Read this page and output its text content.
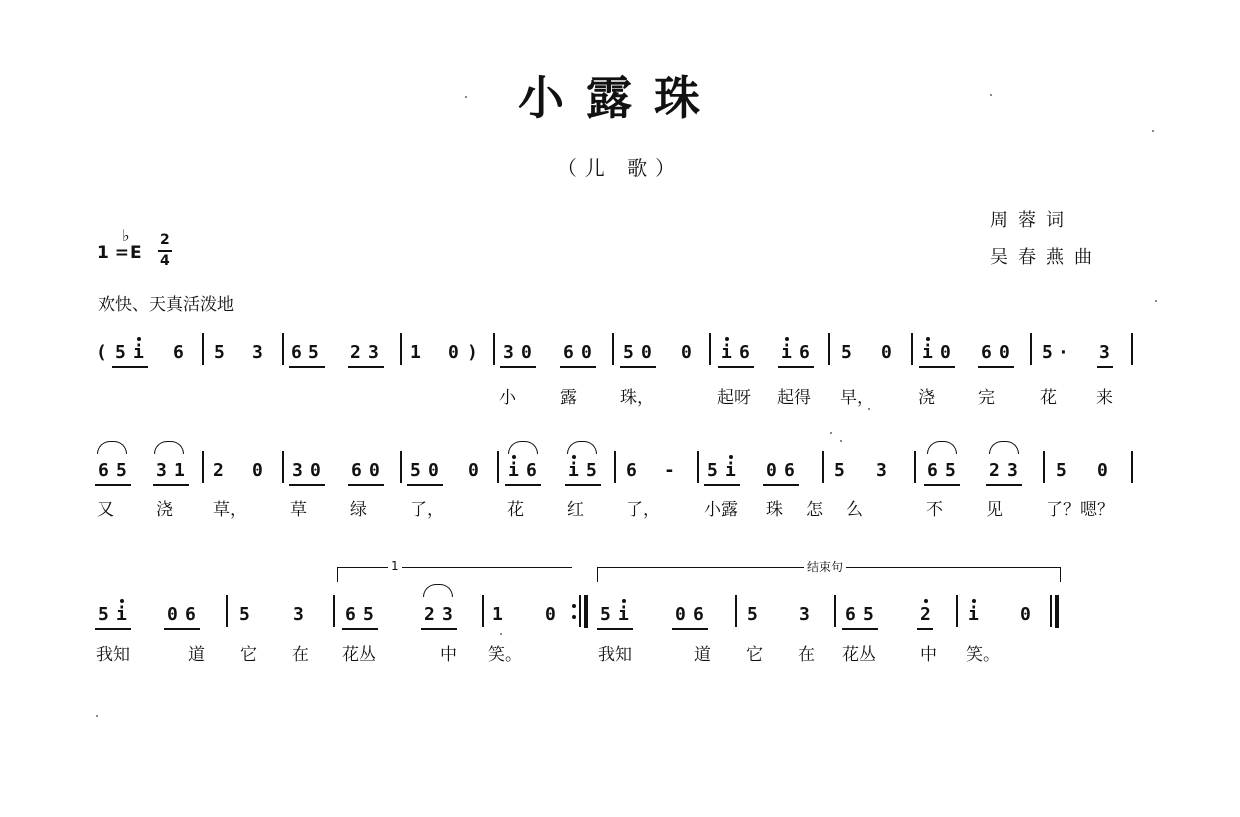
小露珠
（儿 歌）
周蓉词
吴春燕曲
1 =
♭
E
2
4
欢快、天真活泼地
( 5 i 6 5 3 6 5 2 3 1 0 ) 3 0 6 0 5 0 0 i 6 i 6 5 0 i 0 6 0 5 · 3
小	露	珠，	起呀 起得 早，	浇	完	花 来
6 5 3 1 2 0 3 0 6 0 5 0 0 i 6 i 5 6 - 5 i 0 6 5 3 6 5 2 3 5 0
又 浇 草，	草	绿	了，	花	红 了，	小露 珠 怎 么	不	见	了？嗯？
1	结束句
5 i 0 6 5 3 6 5	2 3 1 0 5 i	0 6 5 3 6 5	2 i 0
我知	道 它 在 花丛	中 笑。	我知	道 它 在 花丛	中 笑。
